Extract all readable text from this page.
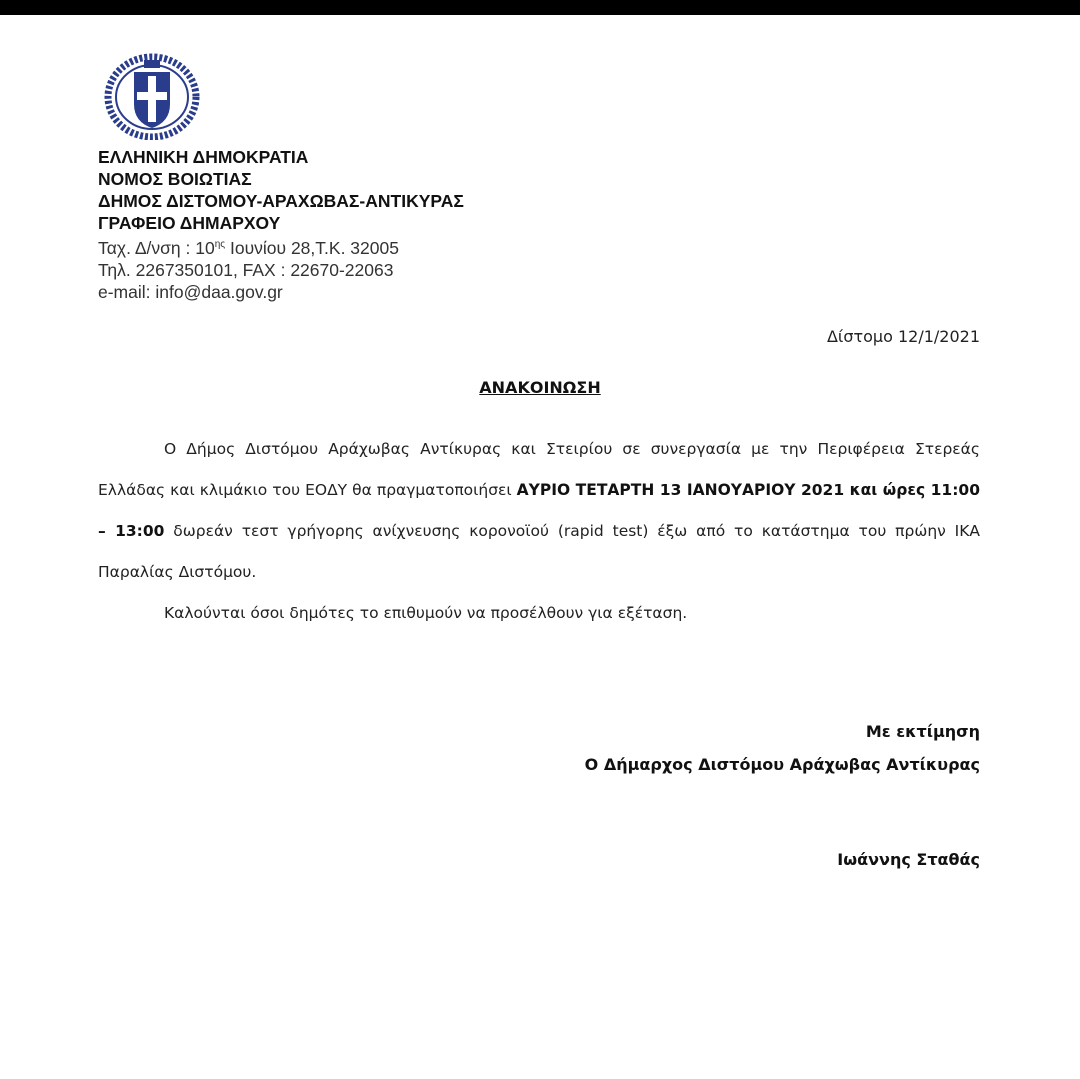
ΕΛΛΗΝΙΚΗ ΔΗΜΟΚΡΑΤΙΑ
ΝΟΜΟΣ ΒΟΙΩΤΙΑΣ
ΔΗΜΟΣ ΔΙΣΤΟΜΟΥ-ΑΡΑΧΩΒΑΣ-ΑΝΤΙΚΥΡΑΣ
ΓΡΑΦΕΙΟ ΔΗΜΑΡΧΟΥ
Ταχ. Δ/νση : $10^{\eta\varsigma}$ Ιουνίου 28,Τ.Κ. 32005
Τηλ. 2267350101, FAX : 22670-22063
e-mail: info@daa.gov.gr
Δίστομο 12/1/2021
ΑΝΑΚΟΙΝΩΣΗ

Ο Δήμος Διστόμου Αράχωβας Αντίκυρας και Στειρίου σε συνεργασία με την Περιφέρεια Στερεάς Ελλάδας και κλιμάκιο του ΕΟΔΥ θα πραγματοποιήσει ΑΥΡΙΟ ΤΕΤΑΡΤΗ 13 ΙΑΝΟΥΑΡΙΟΥ 2021 και ώρες 11:00 – 13:00 δωρεάν τεστ γρήγορης ανίχνευσης κορονοϊού (rapid test) έξω από το κατάστημα του πρώην ΙΚΑ Παραλίας Διστόμου.

Καλούνται όσοι δημότες το επιθυμούν να προσέλθουν για εξέταση.

Με εκτίμηση
Ο Δήμαρχος Διστόμου Αράχωβας Αντίκυρας
Ιωάννης Σταθάς
